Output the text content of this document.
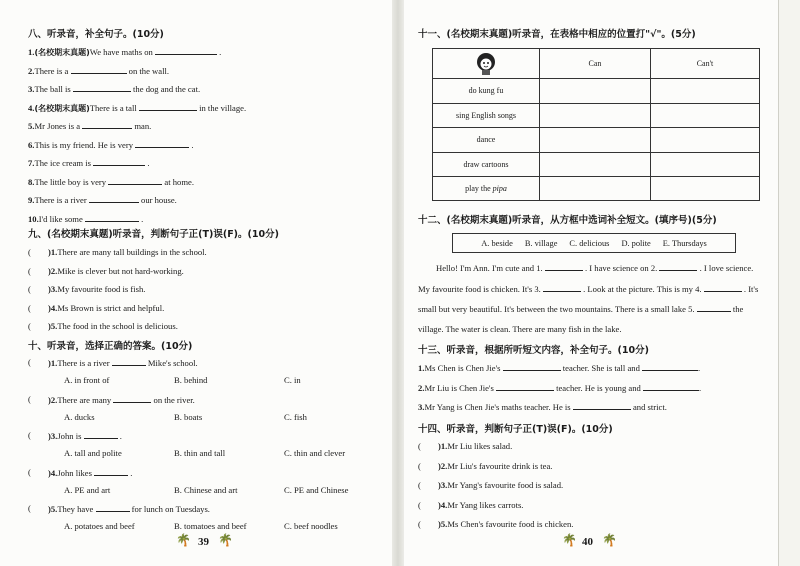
八、听录音，补全句子。(10分)
1.(名校期末真题)We have maths on	.
2.There is a	on the wall.
3.The ball is	the dog and the cat.
4.(名校期末真题)There is a tall	in the village.
5.Mr Jones is a	man.
6.This is my friend. He is very	.
7.The ice cream is	.
8.The little boy is very	at home.
9.There is a river	our house.
10.I'd like some	.
九、(名校期末真题)听录音，判断句子正(T)误(F)。(10分)
( )1.There are many tall buildings in the school.
( )2.Mike is clever but not hard-working.
( )3.My favourite food is fish.
( )4.Ms Brown is strict and helpful.
( )5.The food in the school is delicious.
十、听录音，选择正确的答案。(10分)
( )1.There is a river	Mike's school.
A. in front of	B. behind	C. in
( )2.There are many	on the river.
A. ducks	B. boats	C. fish
( )3.John is	.
A. tall and polite	B. thin and tall	C. thin and clever
( )4.John likes	.
A. PE and art	B. Chinese and art	C. PE and Chinese
( )5.They have	for lunch on Tuesdays.
A. potatoes and beef	B. tomatoes and beef	C. beef noodles
🌴 39 🌴
十一、(名校期末真题)听录音，在表格中相应的位置打"√"。(5分)
	Can	Can't
do kung fu		
sing English songs		
dance		
draw cartoons		
play the pipa		
十二、(名校期末真题)听录音，从方框中选词补全短文。(填序号)(5分)
A. beside B. village C. delicious D. polite E. Thursdays
Hello! I'm Ann. I'm cute and 1.	. I have science on 2.	. I love science.
My favourite food is chicken. It's 3.	. Look at the picture. This is my 4.	. It's
small but very beautiful. It's between the two mountains. There is a small lake 5.	the
village. The water is clean. There are many fish in the lake.
十三、听录音，根据所听短文内容，补全句子。(10分)
1.Ms Chen is Chen Jie's	teacher. She is tall and	.
2.Mr Liu is Chen Jie's	teacher. He is young and	.
3.Mr Yang is Chen Jie's maths teacher. He is	and strict.
十四、听录音，判断句子正(T)误(F)。(10分)
( )1.Mr Liu likes salad.
( )2.Mr Liu's favourite drink is tea.
( )3.Mr Yang's favourite food is salad.
( )4.Mr Yang likes carrots.
( )5.Ms Chen's favourite food is chicken.
🌴 40 🌴
